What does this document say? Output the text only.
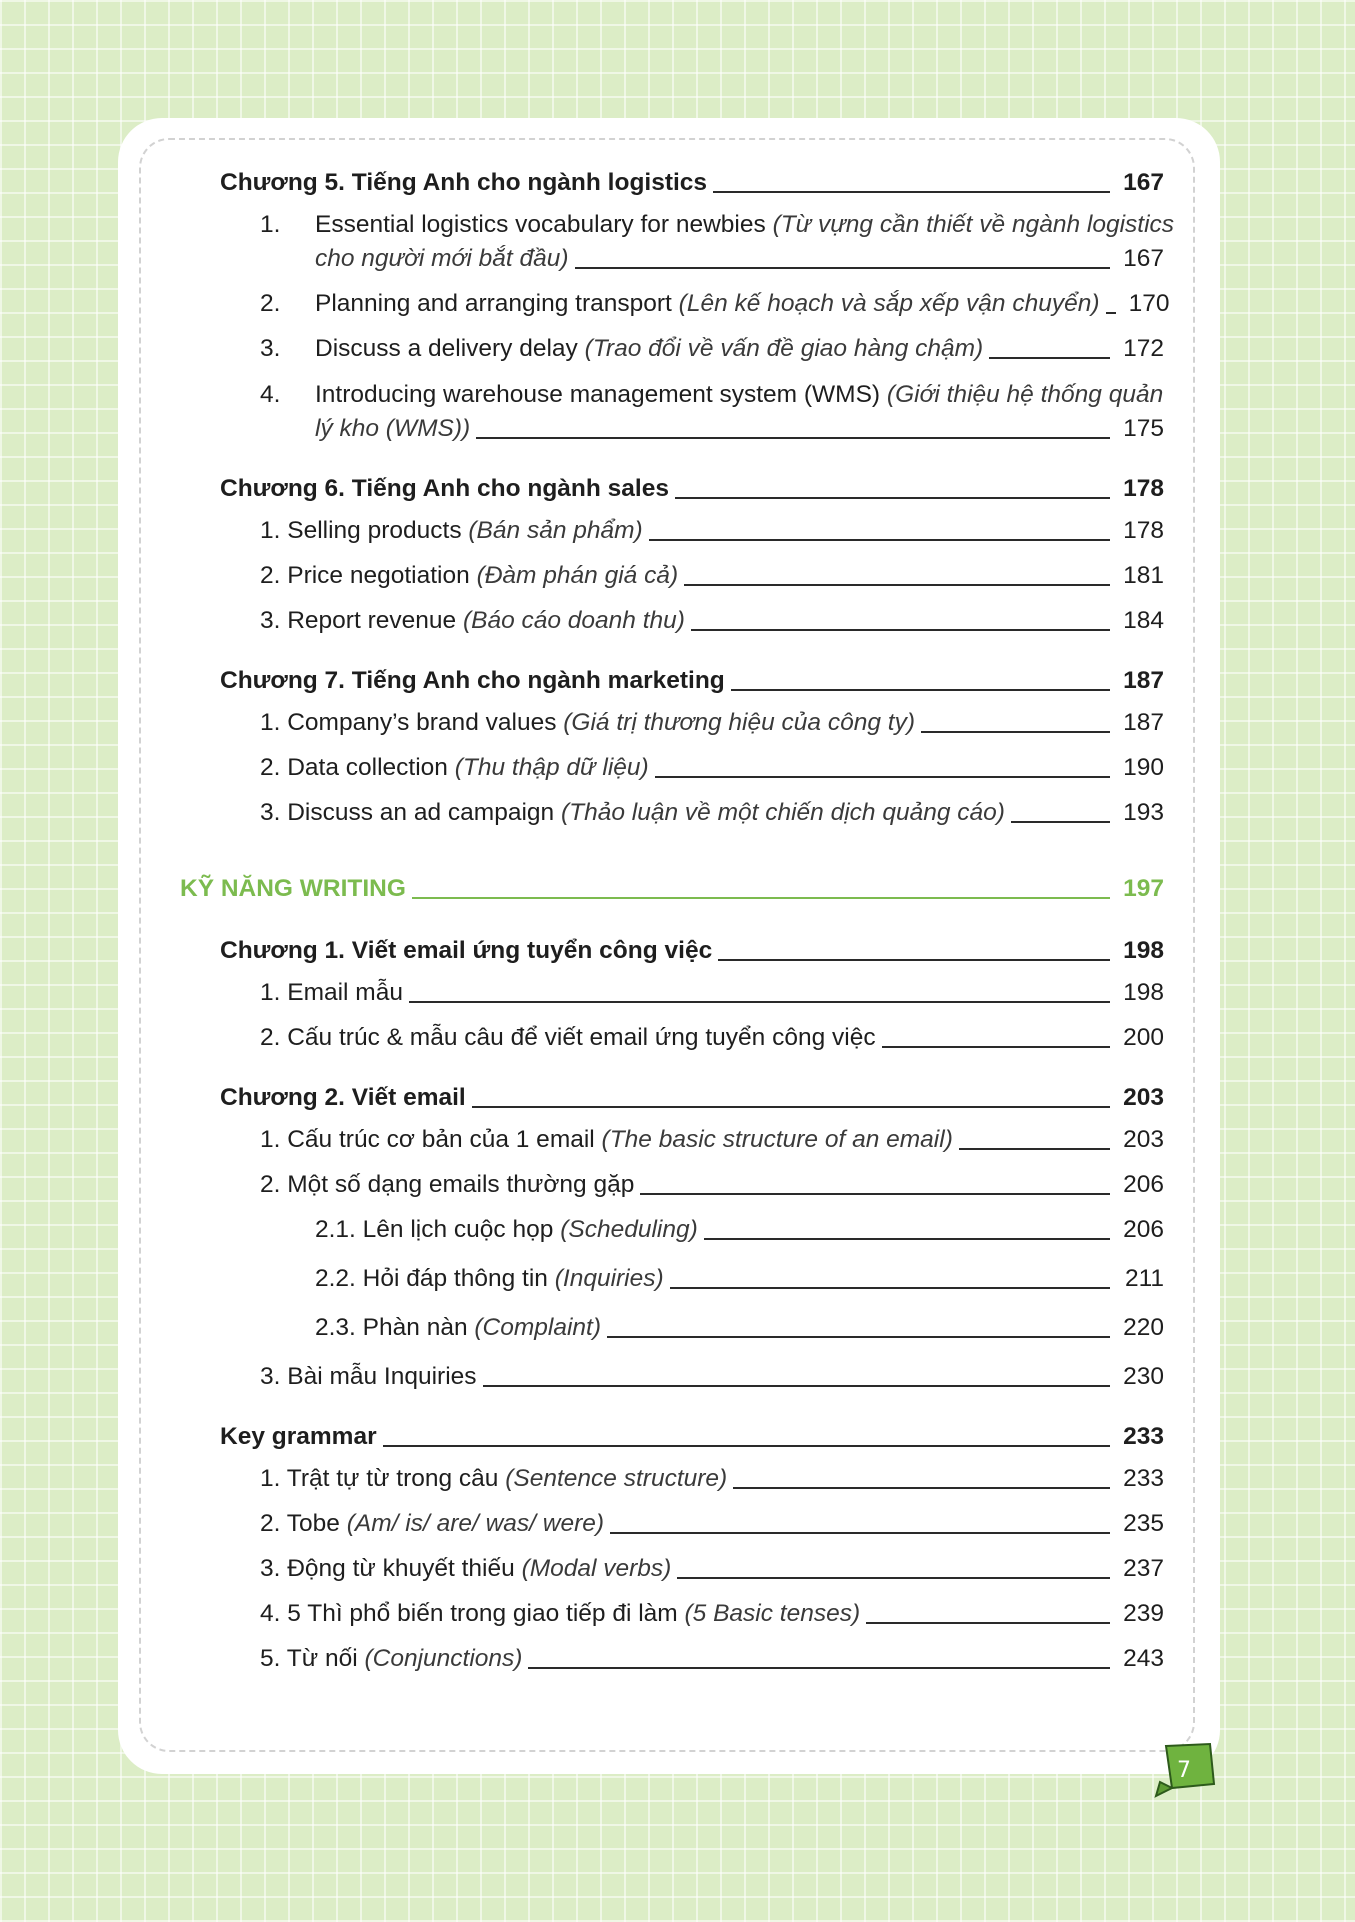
Chương 5. Tiếng Anh cho ngành logistics	167
1. Essential logistics vocabulary for newbies (Từ vựng cần thiết về ngành logistics
cho người mới bắt đầu)	167
2. Planning and arranging transport (Lên kế hoạch và sắp xếp vận chuyển) 170
3. Discuss a delivery delay (Trao đổi về vấn đề giao hàng chậm)	172
4. Introducing warehouse management system (WMS) (Giới thiệu hệ thống quản
lý kho (WMS))	175
Chương 6. Tiếng Anh cho ngành sales	178
1. Selling products (Bán sản phẩm)	178
2. Price negotiation (Đàm phán giá cả)	181
3. Report revenue (Báo cáo doanh thu)	184
Chương 7. Tiếng Anh cho ngành marketing	187
1. Company’s brand values (Giá trị thương hiệu của công ty)	187
2. Data collection (Thu thập dữ liệu)	190
3. Discuss an ad campaign (Thảo luận về một chiến dịch quảng cáo)	193
KỸ NĂNG WRITING	197
Chương 1. Viết email ứng tuyển công việc	198
1. Email mẫu	198
2. Cấu trúc & mẫu câu để viết email ứng tuyển công việc	200
Chương 2. Viết email	203
1. Cấu trúc cơ bản của 1 email (The basic structure of an email)	203
2. Một số dạng emails thường gặp	206
2.1. Lên lịch cuộc họp (Scheduling)	206
2.2. Hỏi đáp thông tin (Inquiries)	211
2.3. Phàn nàn (Complaint)	220
3. Bài mẫu Inquiries	230
Key grammar	233
1. Trật tự từ trong câu (Sentence structure)	233
2. Tobe (Am/ is/ are/ was/ were)	235
3. Động từ khuyết thiếu (Modal verbs)	237
4. 5 Thì phổ biến trong giao tiếp đi làm (5 Basic tenses)	239
5. Từ nối (Conjunctions)	243
7
